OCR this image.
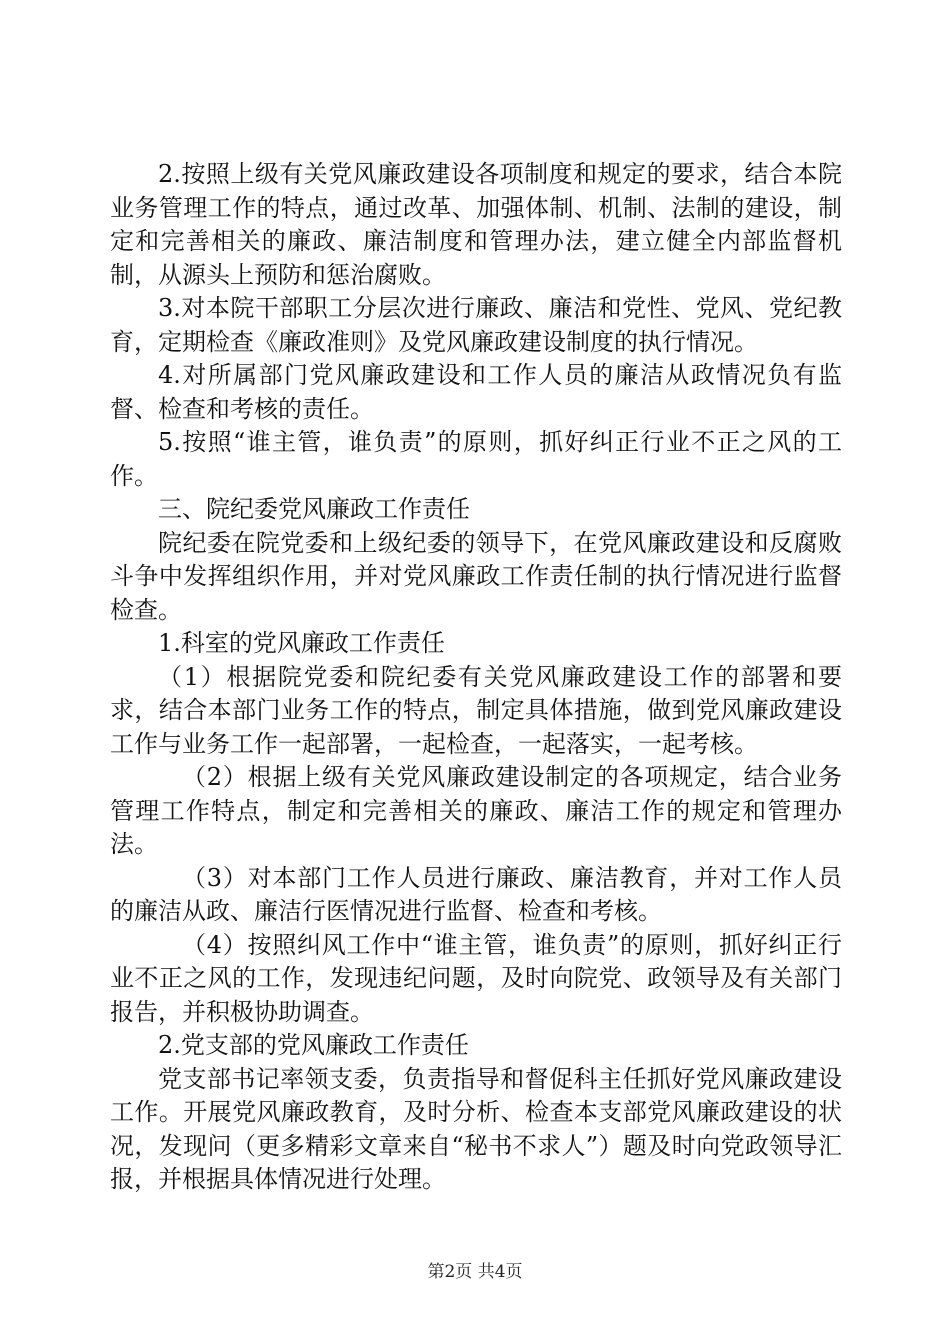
2.按照上级有关党风廉政建设各项制度和规定的要求，结合本院业务管理工作的特点，通过改革、加强体制、机制、法制的建设，制定和完善相关的廉政、廉洁制度和管理办法，建立健全内部监督机制，从源头上预防和惩治腐败。

3.对本院干部职工分层次进行廉政、廉洁和党性、党风、党纪教育，定期检查《廉政准则》及党风廉政建设制度的执行情况。

4.对所属部门党风廉政建设和工作人员的廉洁从政情况负有监督、检查和考核的责任。

5.按照“谁主管，谁负责”的原则，抓好纠正行业不正之风的工作。

三、院纪委党风廉政工作责任

院纪委在院党委和上级纪委的领导下，在党风廉政建设和反腐败斗争中发挥组织作用，并对党风廉政工作责任制的执行情况进行监督检查。

1.科室的党风廉政工作责任

（1）根据院党委和院纪委有关党风廉政建设工作的部署和要求，结合本部门业务工作的特点，制定具体措施，做到党风廉政建设工作与业务工作一起部署，一起检查，一起落实，一起考核。

（2）根据上级有关党风廉政建设制定的各项规定，结合业务管理工作特点，制定和完善相关的廉政、廉洁工作的规定和管理办法。

（3）对本部门工作人员进行廉政、廉洁教育，并对工作人员的廉洁从政、廉洁行医情况进行监督、检查和考核。

（4）按照纠风工作中“谁主管，谁负责”的原则，抓好纠正行业不正之风的工作，发现违纪问题，及时向院党、政领导及有关部门报告，并积极协助调查。

2.党支部的党风廉政工作责任

党支部书记率领支委，负责指导和督促科主任抓好党风廉政建设工作。开展党风廉政教育，及时分析、检查本支部党风廉政建设的状况，发现问（更多精彩文章来自“秘书不求人”）题及时向党政领导汇报，并根据具体情况进行处理。

第2页 共4页
